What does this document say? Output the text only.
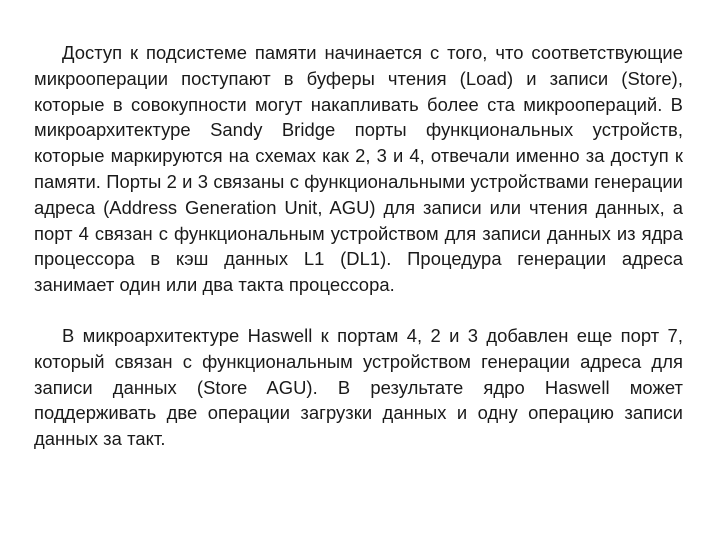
Доступ к подсистеме памяти начинается с того, что соответствующие микрооперации поступают в буферы чтения (Load) и записи (Store), которые в совокупности могут накапливать более ста микроопераций. В микроархитектуре Sandy Bridge порты функциональных устройств, которые маркируются на схемах как 2, 3 и 4, отвечали именно за доступ к памяти. Порты 2 и 3 связаны с функциональными устройствами генерации адреса (Address Generation Unit, AGU) для записи или чтения данных, а порт 4 связан с функциональным устройством для записи данных из ядра процессора в кэш данных L1 (DL1). Процедура генерации адреса занимает один или два такта процессора.

В микроархитектуре Haswell к портам 4, 2 и 3 добавлен еще порт 7, который связан с функциональным устройством генерации адреса для записи данных (Store AGU). В результате ядро Haswell может поддерживать две операции загрузки данных и одну операцию записи данных за такт.
